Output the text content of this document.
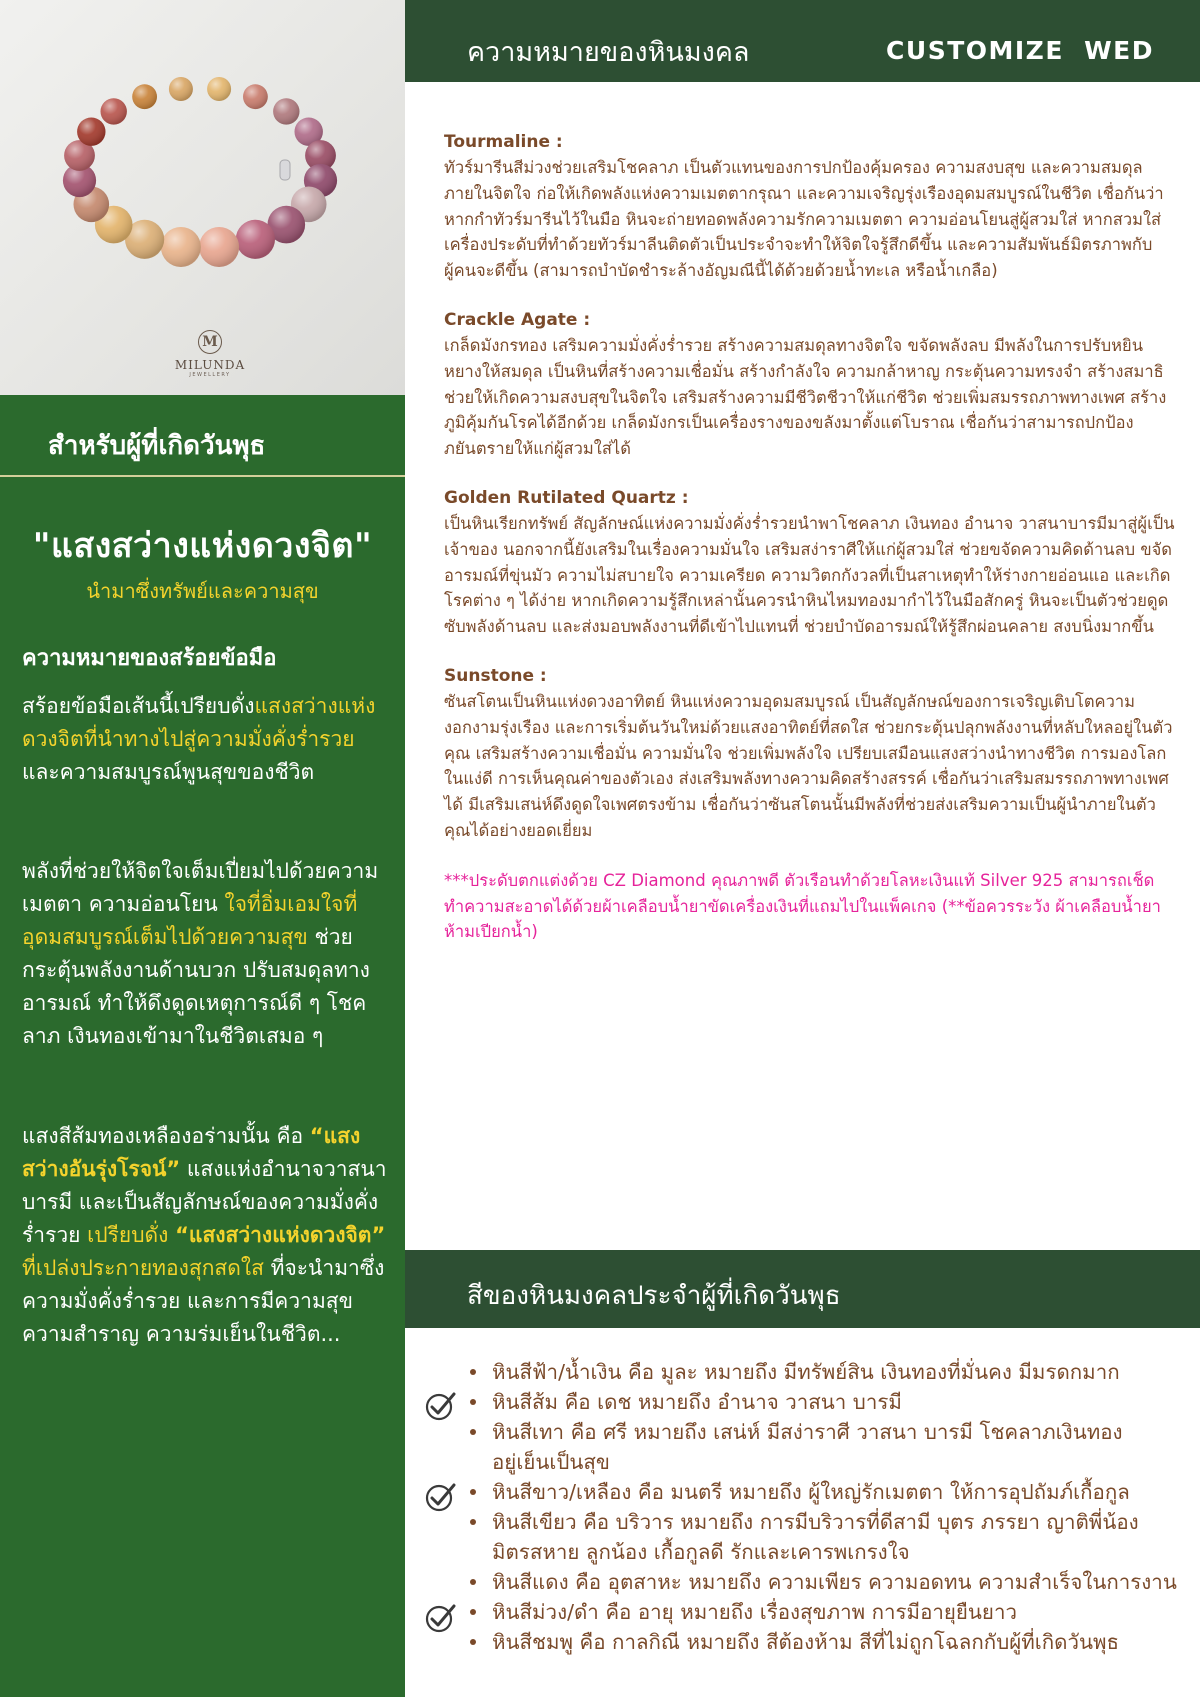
M
MILUNDA
JEWELLERY
สำหรับผู้ที่เกิดวันพุธ
"แสงสว่างแห่งดวงจิต"
นำมาซึ่งทรัพย์และความสุข
ความหมายของสร้อยข้อมือ

สร้อยข้อมือเส้นนี้เปรียบดั่งแสงสว่างแห่งดวงจิตที่นำทางไปสู่ความมั่งคั่งร่ำรวย และความสมบูรณ์พูนสุขของชีวิต

พลังที่ช่วยให้จิตใจเต็มเปี่ยมไปด้วยความเมตตา ความอ่อนโยน ใจที่อิ่มเอมใจที่อุดมสมบูรณ์เต็มไปด้วยความสุข ช่วยกระตุ้นพลังงานด้านบวก ปรับสมดุลทางอารมณ์ ทำให้ดึงดูดเหตุการณ์ดี ๆ โชคลาภ เงินทองเข้ามาในชีวิตเสมอ ๆ

แสงสีส้มทองเหลืองอร่ามนั้น คือ “แสงสว่างอันรุ่งโรจน์” แสงแห่งอำนาจวาสนาบารมี และเป็นสัญลักษณ์ของความมั่งคั่งร่ำรวย เปรียบดั่ง “แสงสว่างแห่งดวงจิต” ที่เปล่งประกายทองสุกสดใส ที่จะนำมาซึ่งความมั่งคั่งร่ำรวย และการมีความสุข ความสำราญ ความร่มเย็นในชีวิต...

ความหมายของหินมงคล	CUSTOMIZE WED

Tourmaline :

ทัวร์มารีนสีม่วงช่วยเสริมโชคลาภ เป็นตัวแทนของการปกป้องคุ้มครอง ความสงบสุข และความสมดุลภายในจิตใจ ก่อให้เกิดพลังแห่งความเมตตากรุณา และความเจริญรุ่งเรืองอุดมสมบูรณ์ในชีวิต เชื่อกันว่าหากกำทัวร์มารีนไว้ในมือ หินจะถ่ายทอดพลังความรักความเมตตา ความอ่อนโยนสู่ผู้สวมใส่ หากสวมใส่เครื่องประดับที่ทำด้วยทัวร์มาลีนติดตัวเป็นประจำจะทำให้จิตใจรู้สึกดีขึ้น และความสัมพันธ์มิตรภาพกับผู้คนจะดีขึ้น (สามารถบำบัดชำระล้างอัญมณีนี้ได้ด้วยด้วยน้ำทะเล หรือน้ำเกลือ)

Crackle Agate :

เกล็ดมังกรทอง เสริมความมั่งคั่งร่ำรวย สร้างความสมดุลทางจิตใจ ขจัดพลังลบ มีพลังในการปรับหยินหยางให้สมดุล เป็นหินที่สร้างความเชื่อมั่น สร้างกำลังใจ ความกล้าหาญ กระตุ้นความทรงจำ สร้างสมาธิ ช่วยให้เกิดความสงบสุขในจิตใจ เสริมสร้างความมีชีวิตชีวาให้แก่ชีวิต ช่วยเพิ่มสมรรถภาพทางเพศ สร้างภูมิคุ้มกันโรคได้อีกด้วย เกล็ดมังกรเป็นเครื่องรางของขลังมาตั้งแต่โบราณ เชื่อกันว่าสามารถปกป้องภยันตรายให้แก่ผู้สวมใส่ได้

Golden Rutilated Quartz :

เป็นหินเรียกทรัพย์ สัญลักษณ์แห่งความมั่งคั่งร่ำรวยนำพาโชคลาภ เงินทอง อำนาจ วาสนาบารมีมาสู่ผู้เป็นเจ้าของ นอกจากนี้ยังเสริมในเรื่องความมั่นใจ เสริมสง่าราศีให้แก่ผู้สวมใส่ ช่วยขจัดความคิดด้านลบ ขจัดอารมณ์ที่ขุ่นมัว ความไม่สบายใจ ความเครียด ความวิตกกังวลที่เป็นสาเหตุทำให้ร่างกายอ่อนแอ และเกิดโรคต่าง ๆ ได้ง่าย หากเกิดความรู้สึกเหล่านั้นควรนำหินไหมทองมากำไว้ในมือสักครู่ หินจะเป็นตัวช่วยดูดซับพลังด้านลบ และส่งมอบพลังงานที่ดีเข้าไปแทนที่ ช่วยบำบัดอารมณ์ให้รู้สึกผ่อนคลาย สงบนิ่งมากขึ้น

Sunstone :

ซันสโตนเป็นหินแห่งดวงอาทิตย์ หินแห่งความอุดมสมบูรณ์ เป็นสัญลักษณ์ของการเจริญเติบโตความงอกงามรุ่งเรือง และการเริ่มต้นวันใหม่ด้วยแสงอาทิตย์ที่สดใส ช่วยกระตุ้นปลุกพลังงานที่หลับใหลอยู่ในตัวคุณ เสริมสร้างความเชื่อมั่น ความมั่นใจ ช่วยเพิ่มพลังใจ เปรียบเสมือนแสงสว่างนำทางชีวิต การมองโลกในแง่ดี การเห็นคุณค่าของตัวเอง ส่งเสริมพลังทางความคิดสร้างสรรค์ เชื่อกันว่าเสริมสมรรถภาพทางเพศได้ มีเสริมเสน่ห์ดึงดูดใจเพศตรงข้าม เชื่อกันว่าซันสโตนนั้นมีพลังที่ช่วยส่งเสริมความเป็นผู้นำภายในตัวคุณได้อย่างยอดเยี่ยม

***ประดับตกแต่งด้วย CZ Diamond คุณภาพดี ตัวเรือนทำด้วยโลหะเงินแท้ Silver 925 สามารถเช็ดทำความสะอาดได้ด้วยผ้าเคลือบน้ำยาขัดเครื่องเงินที่แถมไปในแพ็คเกจ (**ข้อควรระวัง ผ้าเคลือบน้ำยาห้ามเปียกน้ำ)

สีของหินมงคลประจำผู้ที่เกิดวันพุธ
หินสีฟ้า/น้ำเงิน คือ มูละ หมายถึง มีทรัพย์สิน เงินทองที่มั่นคง มีมรดกมาก
หินสีส้ม คือ เดช หมายถึง อำนาจ วาสนา บารมี
หินสีเทา คือ ศรี หมายถึง เสน่ห์ มีสง่าราศี วาสนา บารมี โชคลาภเงินทอง อยู่เย็นเป็นสุข
หินสีขาว/เหลือง คือ มนตรี หมายถึง ผู้ใหญ่รักเมตตา ให้การอุปถัมภ์เกื้อกูล
หินสีเขียว คือ บริวาร หมายถึง การมีบริวารที่ดีสามี บุตร ภรรยา ญาติพี่น้อง มิตรสหาย ลูกน้อง เกื้อกูลดี รักและเคารพเกรงใจ
หินสีแดง คือ อุตสาหะ หมายถึง ความเพียร ความอดทน ความสำเร็จในการงาน
หินสีม่วง/ดำ คือ อายุ หมายถึง เรื่องสุขภาพ การมีอายุยืนยาว
หินสีชมพู คือ กาลกิณี หมายถึง สีต้องห้าม สีที่ไม่ถูกโฉลกกับผู้ที่เกิดวันพุธ
